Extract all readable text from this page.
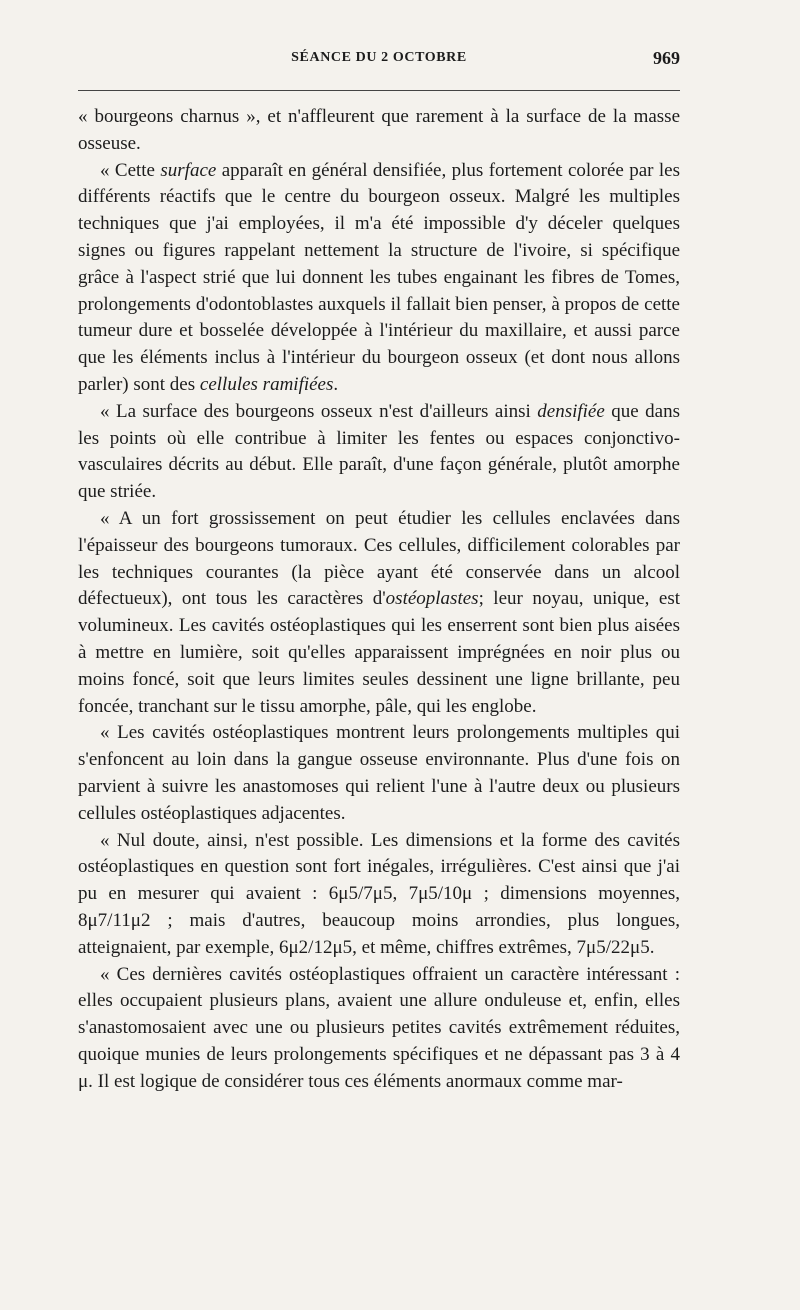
SÉANCE DU 2 OCTOBRE	969

« bourgeons charnus », et n'affleurent que rarement à la surface de la masse osseuse.

« Cette surface apparaît en général densifiée, plus fortement colorée par les différents réactifs que le centre du bourgeon osseux. Malgré les multiples techniques que j'ai employées, il m'a été impossible d'y déceler quelques signes ou figures rappelant nettement la structure de l'ivoire, si spécifique grâce à l'aspect strié que lui donnent les tubes engainant les fibres de Tomes, prolongements d'odontoblastes auxquels il fallait bien penser, à propos de cette tumeur dure et bosselée développée à l'intérieur du maxillaire, et aussi parce que les éléments inclus à l'intérieur du bourgeon osseux (et dont nous allons parler) sont des cellules ramifiées.

« La surface des bourgeons osseux n'est d'ailleurs ainsi densifiée que dans les points où elle contribue à limiter les fentes ou espaces conjonctivo-vasculaires décrits au début. Elle paraît, d'une façon générale, plutôt amorphe que striée.

« A un fort grossissement on peut étudier les cellules enclavées dans l'épaisseur des bourgeons tumoraux. Ces cellules, difficilement colorables par les techniques courantes (la pièce ayant été conservée dans un alcool défectueux), ont tous les caractères d'ostéoplastes; leur noyau, unique, est volumineux. Les cavités ostéoplastiques qui les enserrent sont bien plus aisées à mettre en lumière, soit qu'elles apparaissent imprégnées en noir plus ou moins foncé, soit que leurs limites seules dessinent une ligne brillante, peu foncée, tranchant sur le tissu amorphe, pâle, qui les englobe.

« Les cavités ostéoplastiques montrent leurs prolongements multiples qui s'enfoncent au loin dans la gangue osseuse environnante. Plus d'une fois on parvient à suivre les anastomoses qui relient l'une à l'autre deux ou plusieurs cellules ostéoplastiques adjacentes.

« Nul doute, ainsi, n'est possible. Les dimensions et la forme des cavités ostéoplastiques en question sont fort inégales, irrégulières. C'est ainsi que j'ai pu en mesurer qui avaient : 6μ5/7μ5, 7μ5/10μ ; dimensions moyennes, 8μ7/11μ2 ; mais d'autres, beaucoup moins arrondies, plus longues, atteignaient, par exemple, 6μ2/12μ5, et même, chiffres extrêmes, 7μ5/22μ5.

« Ces dernières cavités ostéoplastiques offraient un caractère intéressant : elles occupaient plusieurs plans, avaient une allure onduleuse et, enfin, elles s'anastomosaient avec une ou plusieurs petites cavités extrêmement réduites, quoique munies de leurs prolongements spécifiques et ne dépassant pas 3 à 4 μ. Il est logique de considérer tous ces éléments anormaux comme mar-
